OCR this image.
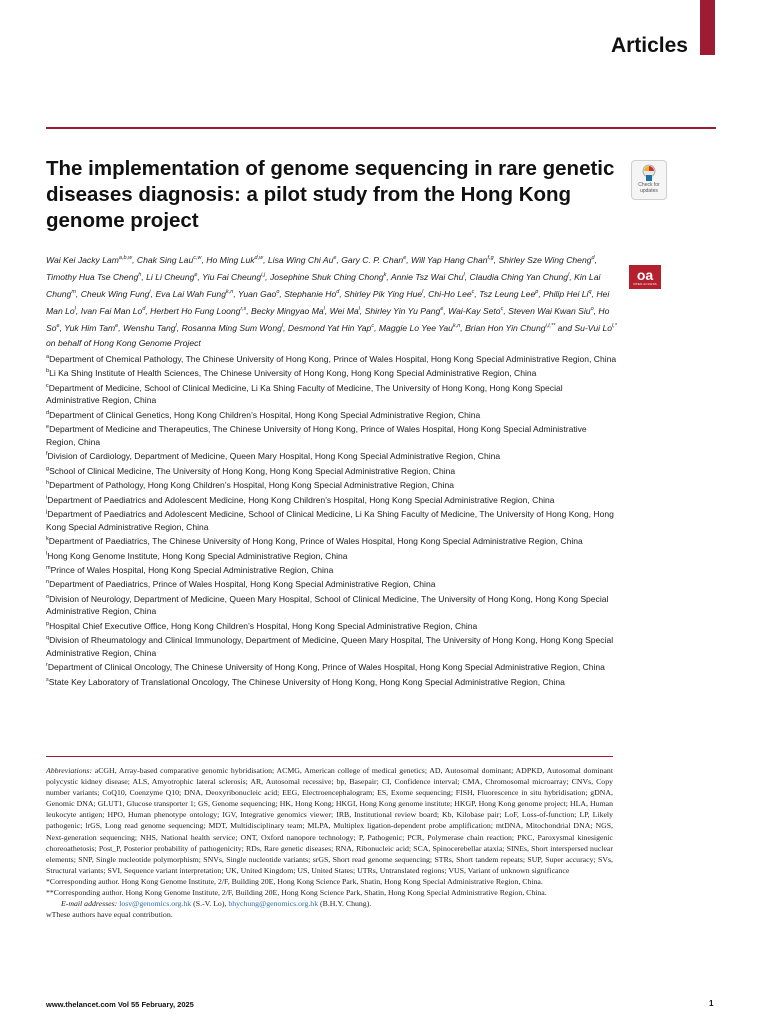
Articles
The implementation of genome sequencing in rare genetic diseases diagnosis: a pilot study from the Hong Kong genome project
Check for
updates
oa
OPEN ACCESS
Wai Kei Jacky Lam$^{a,b,w}$, Chak Sing Lau$^{c,w}$, Ho Ming Luk$^{d,w}$, Lisa Wing Chi Au$^e$, Gary C. P. Chan$^e$, Will Yap Hang Chan$^{f,g}$, Shirley Sze Wing Cheng$^d$, Timothy Hua Tse Cheng$^h$, Li Li Cheung$^e$, Yiu Fai Cheung$^{i,j}$, Josephine Shuk Ching Chong$^k$, Annie Tsz Wai Chu$^l$, Claudia Ching Yan Chung$^l$, Kin Lai Chung$^m$, Cheuk Wing Fung$^i$, Eva Lai Wah Fung$^{k,n}$, Yuan Gao$^o$, Stephanie Ho$^d$, Shirley Pik Ying Hue$^l$, Chi-Ho Lee$^c$, Tsz Leung Lee$^p$, Philip Hei Li$^q$, Hei Man Lo$^l$, Ivan Fai Man Lo$^d$, Herbert Ho Fung Loong$^{r,s}$, Becky Mingyao Ma$^l$, Wei Ma$^l$, Shirley Yin Yu Pang$^e$, Wai-Kay Seto$^c$, Steven Wai Kwan Siu$^o$, Ho So$^e$, Yuk Him Tam$^e$, Wenshu Tang$^l$, Rosanna Ming Sum Wong$^l$, Desmond Yat Hin Yap$^c$, Maggie Lo Yee Yau$^{k,n}$, Brian Hon Yin Chung$^{i,l,**}$ and Su-Vui $Lo^{l,*}$ on behalf of Hong Kong Genome Project

$^a$Department of Chemical Pathology, The Chinese University of Hong Kong, Prince of Wales Hospital, Hong Kong Special Administrative Region, China

$^b$Li Ka Shing Institute of Health Sciences, The Chinese University of Hong Kong, Hong Kong Special Administrative Region, China

$^c$Department of Medicine, School of Clinical Medicine, Li Ka Shing Faculty of Medicine, The University of Hong Kong, Hong Kong Special Administrative Region, China

$^d$Department of Clinical Genetics, Hong Kong Children’s Hospital, Hong Kong Special Administrative Region, China

$^e$Department of Medicine and Therapeutics, The Chinese University of Hong Kong, Prince of Wales Hospital, Hong Kong Special Administrative Region, China

$^f$Division of Cardiology, Department of Medicine, Queen Mary Hospital, Hong Kong Special Administrative Region, China

$^g$School of Clinical Medicine, The University of Hong Kong, Hong Kong Special Administrative Region, China

$^h$Department of Pathology, Hong Kong Children’s Hospital, Hong Kong Special Administrative Region, China

$^i$Department of Paediatrics and Adolescent Medicine, Hong Kong Children’s Hospital, Hong Kong Special Administrative Region, China

$^j$Department of Paediatrics and Adolescent Medicine, School of Clinical Medicine, Li Ka Shing Faculty of Medicine, The University of Hong Kong, Hong Kong Special Administrative Region, China

$^k$Department of Paediatrics, The Chinese University of Hong Kong, Prince of Wales Hospital, Hong Kong Special Administrative Region, China

$^l$Hong Kong Genome Institute, Hong Kong Special Administrative Region, China

$^m$Prince of Wales Hospital, Hong Kong Special Administrative Region, China

$^n$Department of Paediatrics, Prince of Wales Hospital, Hong Kong Special Administrative Region, China

$^o$Division of Neurology, Department of Medicine, Queen Mary Hospital, School of Clinical Medicine, The University of Hong Kong, Hong Kong Special Administrative Region, China

$^p$Hospital Chief Executive Office, Hong Kong Children’s Hospital, Hong Kong Special Administrative Region, China

$^q$Division of Rheumatology and Clinical Immunology, Department of Medicine, Queen Mary Hospital, The University of Hong Kong, Hong Kong Special Administrative Region, China

$^r$Department of Clinical Oncology, The Chinese University of Hong Kong, Prince of Wales Hospital, Hong Kong Special Administrative Region, China

$^s$State Key Laboratory of Translational Oncology, The Chinese University of Hong Kong, Hong Kong Special Administrative Region, China

Abbreviations: aCGH, Array-based comparative genomic hybridisation; ACMG, American college of medical genetics; AD, Autosomal dominant; ADPKD, Autosomal dominant polycystic kidney disease; ALS, Amyotrophic lateral sclerosis; AR, Autosomal recessive; bp, Basepair; CI, Confidence interval; CMA, Chromosomal microarray; CNVs, Copy number variants; CoQ10, Coenzyme Q10; DNA, Deoxyribonucleic acid; EEG, Electroencephalogram; ES, Exome sequencing; FISH, Fluorescence in situ hybridisation; gDNA, Genomic DNA; GLUT1, Glucose transporter 1; GS, Genome sequencing; HK, Hong Kong; HKGI, Hong Kong genome institute; HKGP, Hong Kong genome project; HLA, Human leukocyte antigen; HPO, Human phenotype ontology; IGV, Integrative genomics viewer; IRB, Institutional review board; Kb, Kilobase pair; LoF, Loss-of-function; LP, Likely pathogenic; lrGS, Long read genome sequencing; MDT, Multidisciplinary team; MLPA, Multiplex ligation-dependent probe amplification; mtDNA, Mitochondrial DNA; NGS, Next-generation sequencing; NHS, National health service; ONT, Oxford nanopore technology; P, Pathogenic; PCR, Polymerase chain reaction; PKC, Paroxysmal kinesigenic choreoathetosis; Post_P, Posterior probability of pathogenicity; RDs, Rare genetic diseases; RNA, Ribonucleic acid; SCA, Spinocerebellar ataxia; SINEs, Short interspersed nuclear elements; SNP, Single nucleotide polymorphism; SNVs, Single nucleotide variants; srGS, Short read genome sequencing; STRs, Short tandem repeats; SUP, Super accuracy; SVs, Structural variants; SVI, Sequence variant interpretation; UK, United Kingdom; US, United States; UTRs, Untranslated regions; VUS, Variant of unknown significance

*Corresponding author. Hong Kong Genome Institute, 2/F, Building 20E, Hong Kong Science Park, Shatin, Hong Kong Special Administrative Region, China.

**Corresponding author. Hong Kong Genome Institute, 2/F, Building 20E, Hong Kong Science Park, Shatin, Hong Kong Special Administrative Region, China.

E-mail addresses: losv@genomics.org.hk (S.-V. Lo), bhychung@genomics.org.hk (B.H.Y. Chung).

wThese authors have equal contribution.

www.thelancet.com Vol 55 February, 2025	1
